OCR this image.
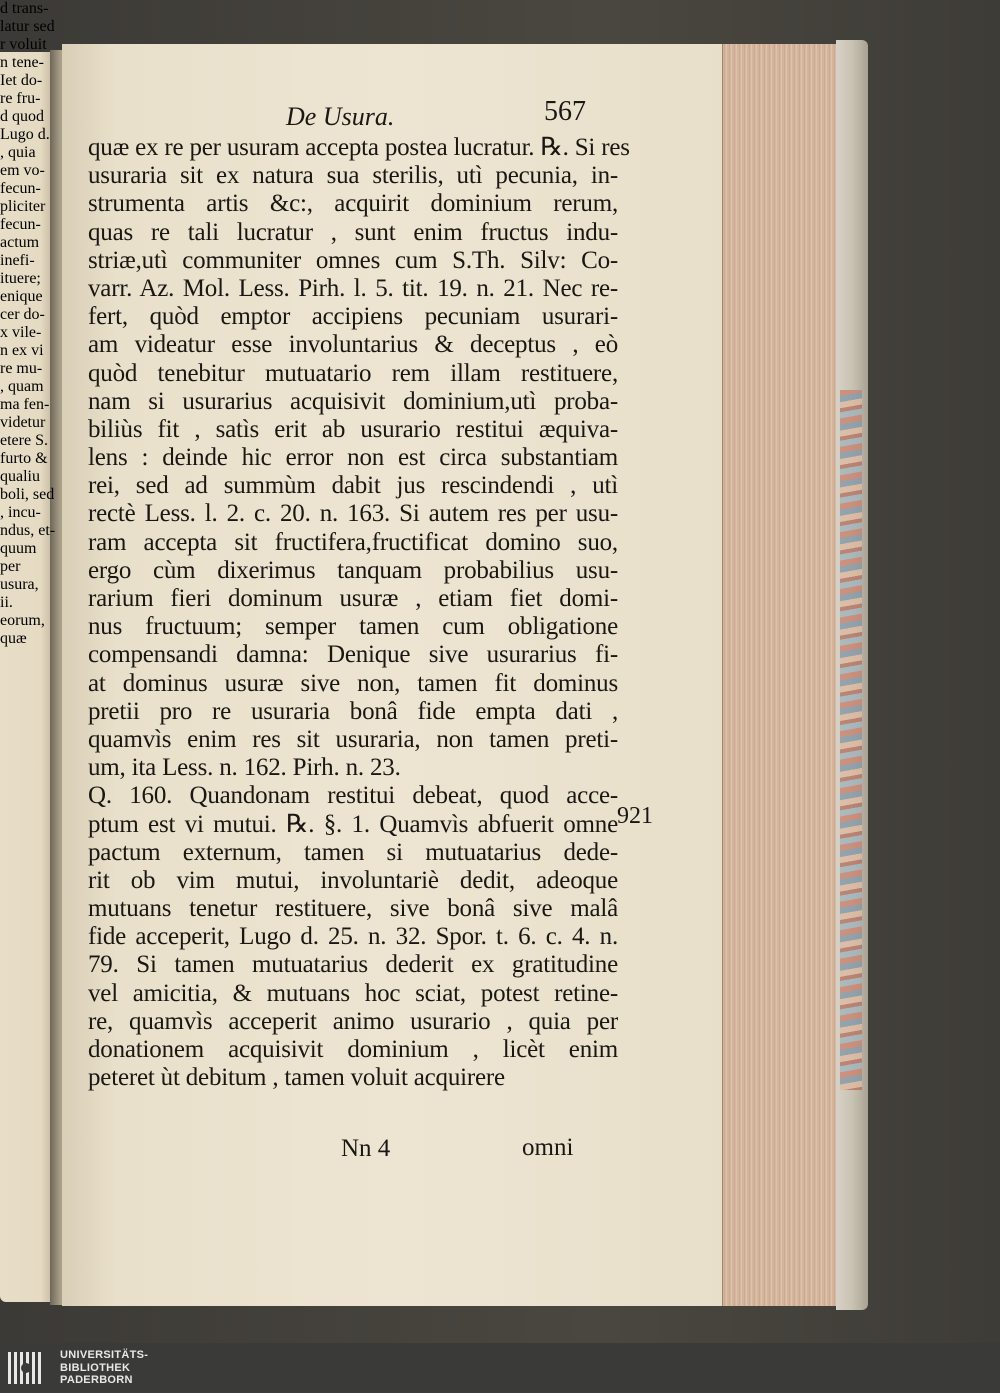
d trans-
latur sed
r voluit
n tene-
Iet do-
re fru-
d quod
Lugo d.
, quia
em vo-
fecun-
pliciter
fecun-
actum
inefi-
ituere;
enique
cer do-
x vile-
n ex vi
re mu-
, quam
ma fen-
videtur
etere S.
furto &
qualiu
boli, sed
, incu-
ndus, et-
quum per
usura,
ii.
eorum,
quæ
De Usura.	567
quæ ex re per usuram accepta postea lucratur. ℞. Si res
usuraria sit ex natura sua sterilis, utì pecunia, in-
strumenta artis &c:, acquirit dominium rerum,
quas re tali lucratur , sunt enim fructus indu-
striæ,utì communiter omnes cum S.Th. Silv: Co-
varr. Az. Mol. Less. Pirh. l. 5. tit. 19. n. 21. Nec re-
fert, quòd emptor accipiens pecuniam usurari-
am videatur esse involuntarius & deceptus , eò
quòd tenebitur mutuatario rem illam restituere,
nam si usurarius acquisivit dominium,utì proba-
biliùs fit , satìs erit ab usurario restitui æquiva-
lens : deinde hic error non est circa substantiam
rei, sed ad summùm dabit jus rescindendi , utì
rectè Less. l. 2. c. 20. n. 163. Si autem res per usu-
ram accepta sit fructifera,fructificat domino suo,
ergo cùm dixerimus tanquam probabilius usu-
rarium fieri dominum usuræ , etiam fiet domi-
nus fructuum; semper tamen cum obligatione
compensandi damna: Denique sive usurarius fi-
at dominus usuræ sive non, tamen fit dominus
pretii pro re usuraria bonâ fide empta dati ,
quamvìs enim res sit usuraria, non tamen preti-
um, ita Less. n. 162. Pirh. n. 23.
Q. 160. Quandonam restitui debeat, quod acce-
ptum est vi mutui. ℞. §. 1. Quamvìs abfuerit omne
pactum externum, tamen si mutuatarius dede-
rit ob vim mutui, involuntariè dedit, adeoque
mutuans tenetur restituere, sive bonâ sive malâ
fide acceperit, Lugo d. 25. n. 32. Spor. t. 6. c. 4. n.
79. Si tamen mutuatarius dederit ex gratitudine
vel amicitia, & mutuans hoc sciat, potest retine-
re, quamvìs acceperit animo usurario , quia per
donationem acquisivit dominium , licèt enim
peteret ùt debitum , tamen voluit acquirere
921
Nn 4	omni
UNIVERSITÄTS-
BIBLIOTHEK
PADERBORN
